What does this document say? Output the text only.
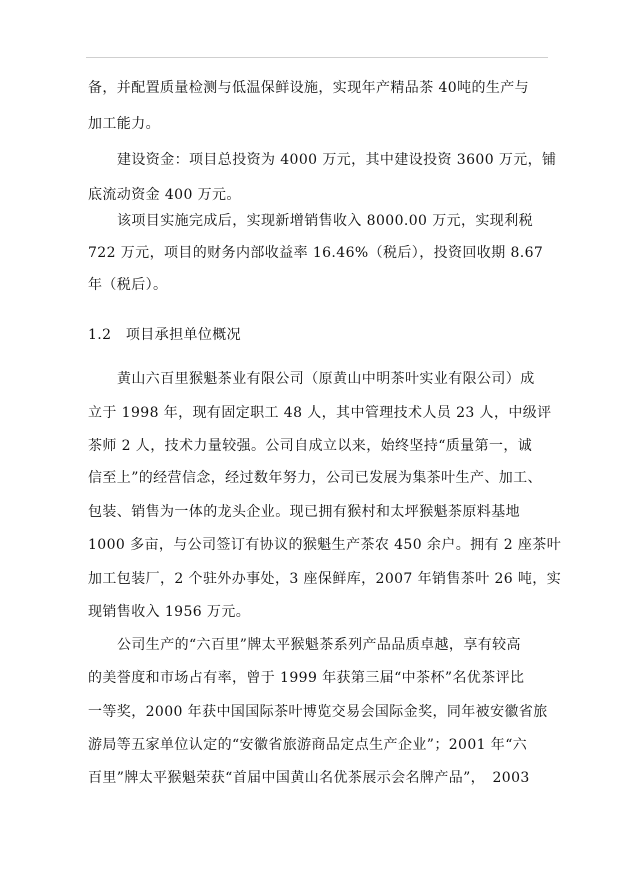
备，并配置质量检测与低温保鲜设施，实现年产精品茶 40吨的生产与
加工能力。
建设资金：项目总投资为 4000 万元，其中建设投资 3600 万元，铺
底流动资金 400 万元。
该项目实施完成后，实现新增销售收入 8000.00 万元，实现利税
722 万元，项目的财务内部收益率 16.46%（税后），投资回收期 8.67
年（税后）。
1.2　项目承担单位概况
黄山六百里猴魁茶业有限公司（原黄山中明茶叶实业有限公司）成
立于 1998 年，现有固定职工 48 人，其中管理技术人员 23 人，中级评
茶师 2 人，技术力量较强。公司自成立以来，始终坚持“质量第一，诚
信至上”的经营信念，经过数年努力，公司已发展为集茶叶生产、加工、
包装、销售为一体的龙头企业。现已拥有猴村和太坪猴魁茶原料基地
1000 多亩，与公司签订有协议的猴魁生产茶农 450 余户。拥有 2 座茶叶
加工包装厂，2 个驻外办事处，3 座保鲜库，2007 年销售茶叶 26 吨，实
现销售收入 1956 万元。
公司生产的“六百里”牌太平猴魁茶系列产品品质卓越，享有较高
的美誉度和市场占有率，曾于 1999 年获第三届“中茶杯”名优茶评比
一等奖，2000 年获中国国际茶叶博览交易会国际金奖，同年被安徽省旅
游局等五家单位认定的“安徽省旅游商品定点生产企业”；2001 年“六
百里”牌太平猴魁荣获“首届中国黄山名优茶展示会名牌产品”，　2003
